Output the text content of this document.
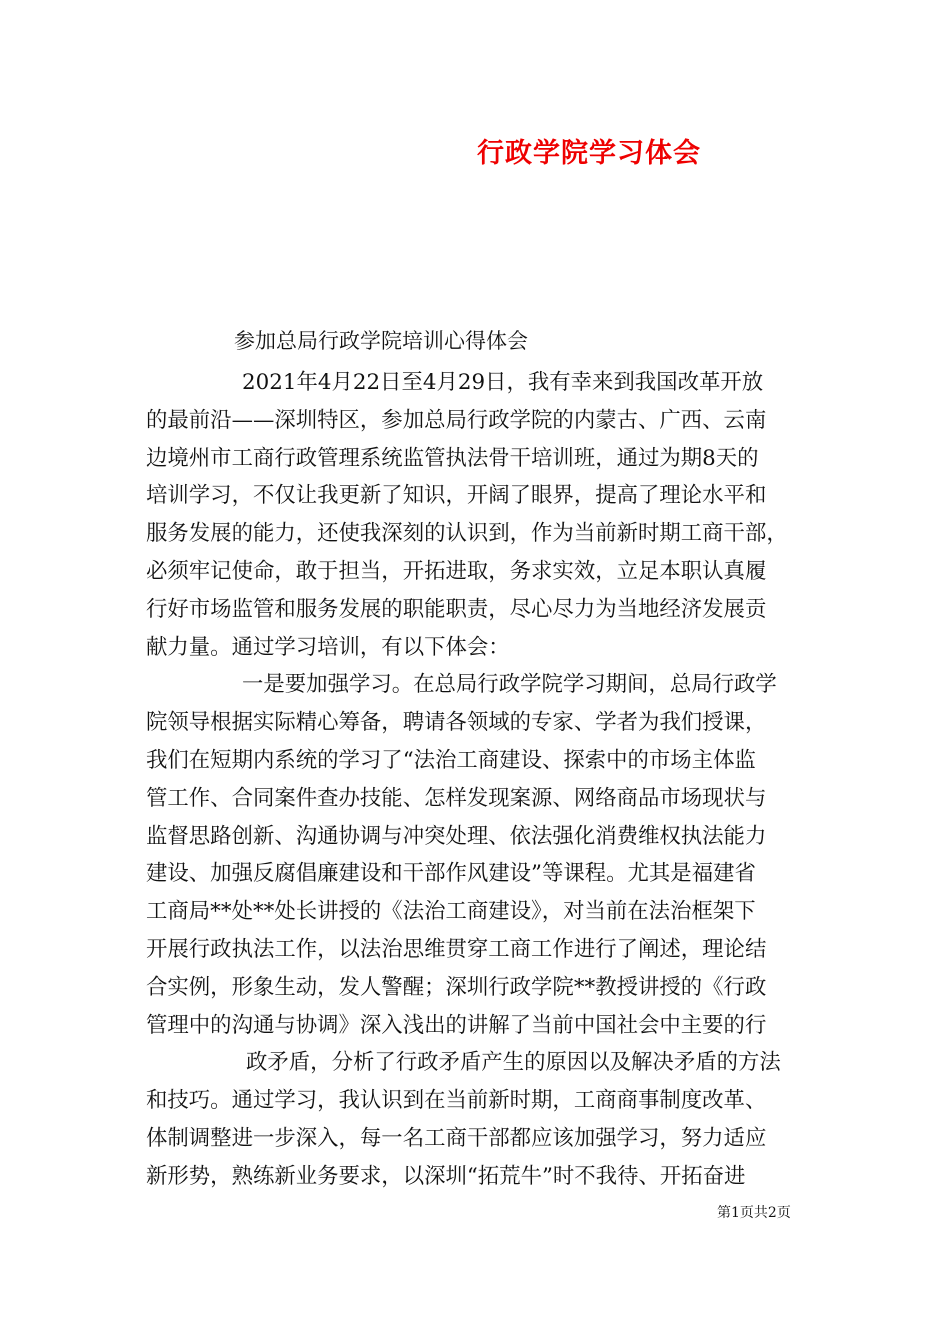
行政学院学习体会
参加总局行政学院培训心得体会
2021年4月22日至4月29日，我有幸来到我国改革开放
的最前沿——深圳特区，参加总局行政学院的内蒙古、广西、云南
边境州市工商行政管理系统监管执法骨干培训班，通过为期8天的
培训学习，不仅让我更新了知识，开阔了眼界，提高了理论水平和
服务发展的能力，还使我深刻的认识到，作为当前新时期工商干部，
必须牢记使命，敢于担当，开拓进取，务求实效，立足本职认真履
行好市场监管和服务发展的职能职责，尽心尽力为当地经济发展贡
献力量。通过学习培训，有以下体会：
一是要加强学习。在总局行政学院学习期间，总局行政学
院领导根据实际精心筹备，聘请各领域的专家、学者为我们授课，
我们在短期内系统的学习了“法治工商建设、探索中的市场主体监
管工作、合同案件查办技能、怎样发现案源、网络商品市场现状与
监督思路创新、沟通协调与冲突处理、依法强化消费维权执法能力
建设、加强反腐倡廉建设和干部作风建设”等课程。尤其是福建省
工商局**处**处长讲授的《法治工商建设》，对当前在法治框架下
开展行政执法工作，以法治思维贯穿工商工作进行了阐述，理论结
合实例，形象生动，发人警醒；深圳行政学院**教授讲授的《行政
管理中的沟通与协调》深入浅出的讲解了当前中国社会中主要的行
政矛盾，分析了行政矛盾产生的原因以及解决矛盾的方法
和技巧。通过学习，我认识到在当前新时期，工商商事制度改革、
体制调整进一步深入，每一名工商干部都应该加强学习，努力适应
新形势，熟练新业务要求，以深圳“拓荒牛”时不我待、开拓奋进
第1页共2页
